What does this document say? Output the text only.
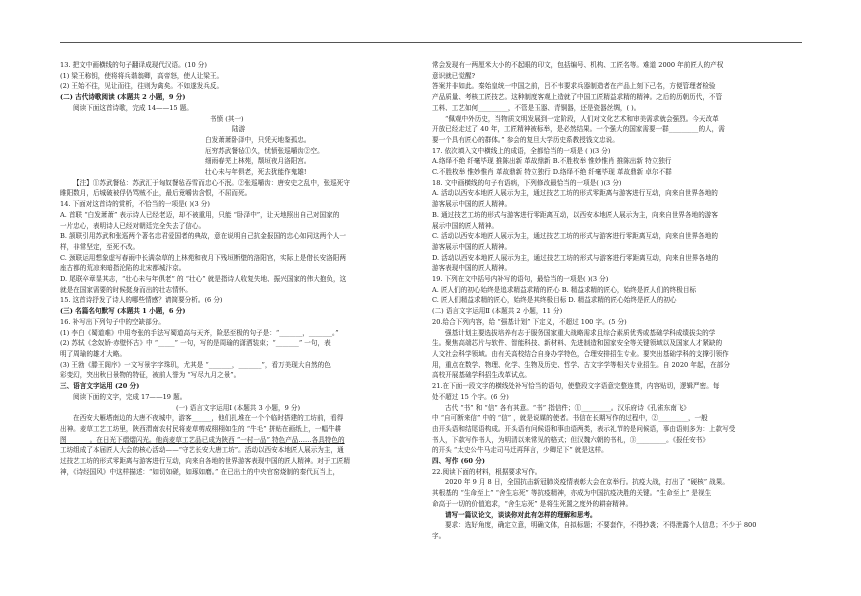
13. 把文中画横线的句子翻译成现代汉语。(10 分)

(1) 梁王称钥，使将将兵谐翁卿，高帝怒，使人让梁王。

(2) 王始不往，见让而往，往则为禽矣。不如遂发兵反。

(二) 古代诗歌阅读 (本题共 2 小题，9 分)

阅读下面这首诗歌，完成 14——15 题。

书愤 (其一)

陆游

白发萧萧卧泽中，只凭天地鉴孤忠。

厄穷苏武餐毡①久，忧愤张巡嚼齿②空。

细雨春芜上林苑，颓垣夜月洛阳宫。

壮心未与年俱老，死去犹能作鬼雄!

【注】①苏武餐毡：苏武汇于匈奴餐毡吞雪而忠心不泯。②张巡嚼齿：唐安史之乱中，张巡死守

睢阳数月，后城破被俘仍骂贼不止，最后竟嚼齿含恨，不屈而死。

14. 下面对这首诗的赏析，不恰当的一项是( )(3 分)

A. 首联 “白发萧萧” 表示诗人已经老迈，却不被重用，只能 “卧泽中”，让天地照出自己对国家的

一片忠心，表明诗人已经对朝廷完全失去了信心。

B. 颔联引用苏武和张巡两个著名忠君爱国者的典故，意在说明自己抗金报国的忠心如同这两个人一

样，非常坚定，至死不改。

C. 颈联运用想象虚写春雨中长满杂草的上林苑和夜月下残垣断壁的洛阳宫，实际上是借长安洛阳两

座古都的荒凉来暗指沦陷的北宋都城汴京。

D. 尾联卒章显其志，“壮心未与年俱老” 的 “壮心” 就是指诗人收复失地、振兴国家的伟大抱负，这

就是在国家需要的时候挺身而出的壮志情怀。

15. 这首诗抒发了诗人的哪些情感？请简要分析。(6 分)

(三) 名篇名句默写 (本题共 1 小题，6 分)

16. 补写出下列句子中的空缺部分。

(1) 李白《蜀道难》中用夸张的手法写蜀道高与天齐，险恶至极的句子是：“_______，_______。”

(2) 苏轼《念奴娇·赤壁怀古》中 “_____” 一句，写的是周瑜的潇洒装束；“_______” 一句，表

明了周瑜的雄才大略。

(3) 王勃《滕王阁序》一文写景字字珠玑，尤其是 “_______，_______”，看万美现大自然的色

彩变幻，突出秋日景物的特征，被前人誉为 “写尽九月之景”。

三、语言文字运用 (20 分)

阅读下面的文字，完成 17——19 题。

(一) 语言文字运用Ⅰ (本题共 3 小题，9 分)

在西安大雁塔南边的大唐不夜城中，游客______，他们扎堆在一个个临时搭建的工坊前，看得

出神。麦草工艺工坊里，陕西渭南农村民将麦草剪成栩栩如生的 “牛毛” 拼贴在画纸上，一幅牛耕

图_______。在日光下熠熠闪光。他尚麦草工艺品已成为陕西 “一村一品” 特色产品……各具特色的

工坊组成了本届匠人大会的核心活动——“守艺长安大唐工坊”。活动以西安本地匠人展示为主，通

过技艺工坊的形式零距离与游客进行互动，向来自各地的世界游客表现中国的匠人精神。对于工匠精

神，《诗经国风》中这样描述：“如切如磋，如琢如磨。” 在已出土的中央官窑烧制的秦代瓦当上，

常会发现有一两厘米大小的不起眼的印文，包括编号、机构、工匠名等。难道 2000 年前匠人的产权

意识就已觉醒?

答案并非如此。秦始皇统一中国之前，吕不韦要求兵器制造者在产品上刻下己名，方便管理者检验

产品质量、考核工匠技艺。这种制度客观上造就了中国工匠精益求精的精神。之后的历朝历代，不管

工料、工艺如何_________，不管是玉器、青铜器，还是瓷器丝绸，( )。

“佩观中外历史，当物质文明发展到一定阶段，人们对文化艺术和审美需求就会强烈。今天改革

开放已经走过了 40 年，工匠精神被标举，是必然结果。一个强大的国家需要一群_________的人，需

要一个具有匠心的群体。” 参会的复旦大学历史系教授钱文忠说。

17. 依次填入文中横线上的成语，全都恰当的一项是 ( )(3 分)

A.络绎不绝 纤毫毕现 推陈出新 革故鼎新 B.不胜枚举 惟妙惟肖 推陈出新 特立独行

C.不胜枚举 惟妙惟肖 革故鼎新 特立独行 D.络绎不绝 纤毫毕现 革故鼎新 卓尔不群

18. 文中画横线的句子有语病，下列修改最恰当的一项是( )(3 分)

A. 活动以西安本地匠人展示为主，通过技艺工坊的形式零距离与游客进行互动，向来自世界各地的

游客展示中国的匠人精神。

B. 通过技艺工坊的形式与游客进行零距离互动，以西安本地匠人展示为主，向来自世界各地的游客

展示中国的匠人精神。

C. 活动以西安本地匠人展示为主，通过技艺工坊的形式与游客进行零距离互动，向来自世界各地的

游客展示中国的匠人精神。

D. 活动以西安本地匠人展示为主，通过技艺工坊的形式与游客进行零距离互动，向来自世界各地的

游客表现中国的匠人精神。

19. 下列在文中括号内补写的语句，最恰当的一项是( )(3 分)

A. 匠人们的初心始终是追求精益求精的匠心 B. 精益求精的匠心，始终是匠人们的终极目标

C. 匠人们精益求精的匠心，始终是其终极目标 D. 精益求精的匠心始终是匠人的初心

(二) 语言文字运用Ⅱ (本题共 2 小题，11 分)

20.给合下列内容，给 “强基计划” 下定义，不超过 100 字。(5 分)

强基计划主要选拔培养有志于服务国家重大战略需求且综合素质优秀或基础学科成绩拔尖的学

生。聚焦高端芯片与软件、智能科技、新材料、先进制造和国家安全等关键领域以及国家人才紧缺的

人文社会科学领域。由有关高校结合自身办学特色，合理安排招生专业。要突出基础学科的支撑引领作

用，重点在数学、物理、化学、生物及历史、哲学、古文字学等相关专业招生。自 2020 年起，在部分

高校开展基础学科招生改革试点。

21.在下面一段文字的横线处补写恰当的语句，使整段文字语意完整连贯，内容贴切，逻辑严密。每

处不超过 15 个字。(6 分)

古代 “书” 和 “信” 各有其意。“书” 指信件；①_________。汉乐府诗《孔雀东南飞》

中 “自可断来信” 中的 “信” ，就是说媒的使者。书信在长期写作的过程中，②_________，一般

由开头语和结尾语构成。开头语有问候语和事由语两类，表示礼节的是问候语，事由语则多为：上款写受

书人，下款写作书人，为明清以来常见的格式；但汉魏六朝的书札，③_________。《报任安书》

的开头 “太史公牛马走司马迁再拜言，少卿足下” 就是这样。

四、写作 (60 分)

22.阅读下面的材料，根据要求写作。

2020 年 9 月 8 日，全国抗击新冠肺炎疫情表彰大会在京举行。抗疫大战，打出了 “硬核” 战果。

其根基的 “生命至上” “舍生忘死” 等抗疫精神，亦成为中国抗疫决胜的关键。“生命至上” 是视生

命高于一切的价值追求，“舍生忘死” 是将生死置之度外的耕奋精神。

请写一篇议论文，谈谈你对此有怎样的理解和思考。

要求：选好角度，确定立意，明确文体，自拟标题；不要套作，不得抄袭；不得泄露个人信息；不少于 800

字。
